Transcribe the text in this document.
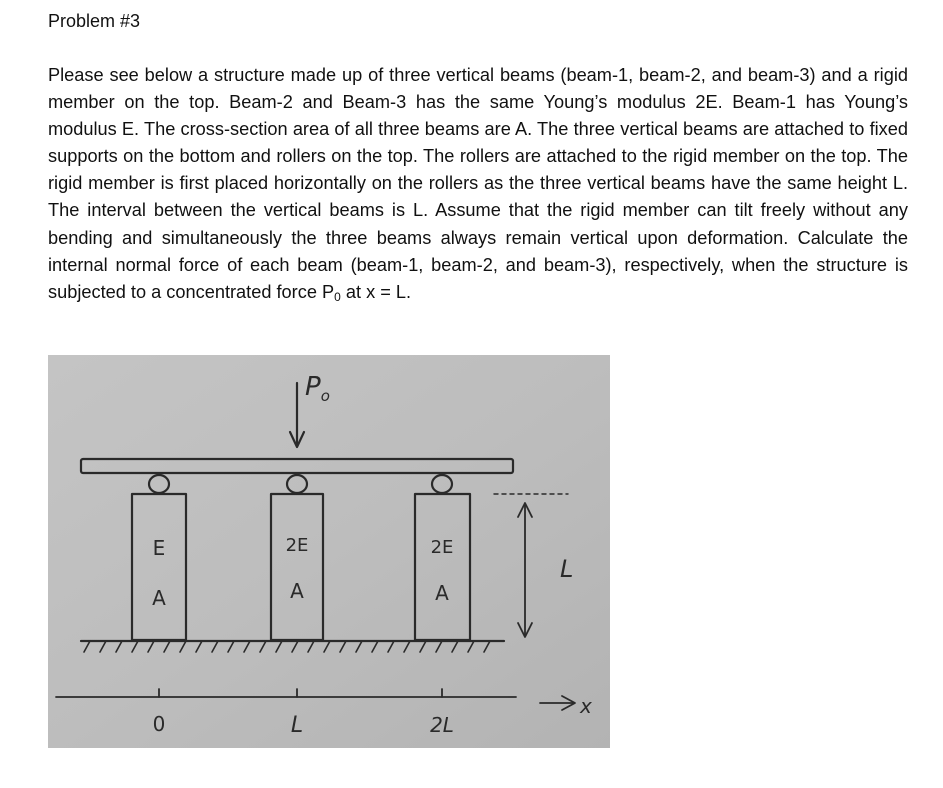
Problem #3

Please see below a structure made up of three vertical beams (beam-1, beam-2, and beam-3) and a rigid member on the top. Beam-2 and Beam-3 has the same Young’s modulus 2E. Beam-1 has Young’s modulus E. The cross-section area of all three beams are A. The three vertical beams are attached to fixed supports on the bottom and rollers on the top. The rollers are attached to the rigid member on the top. The rigid member is first placed horizontally on the rollers as the three vertical beams have the same height L. The interval between the vertical beams is L. Assume that the rigid member can tilt freely without any bending and simultaneously the three beams always remain vertical upon deformation. Calculate the internal normal force of each beam (beam-1, beam-2, and beam-3), respectively, when the structure is subjected to a concentrated force $P_0$ at x = L.

$P_o$
E
A
2E
A
2E
A
L
0	L	2L
x
